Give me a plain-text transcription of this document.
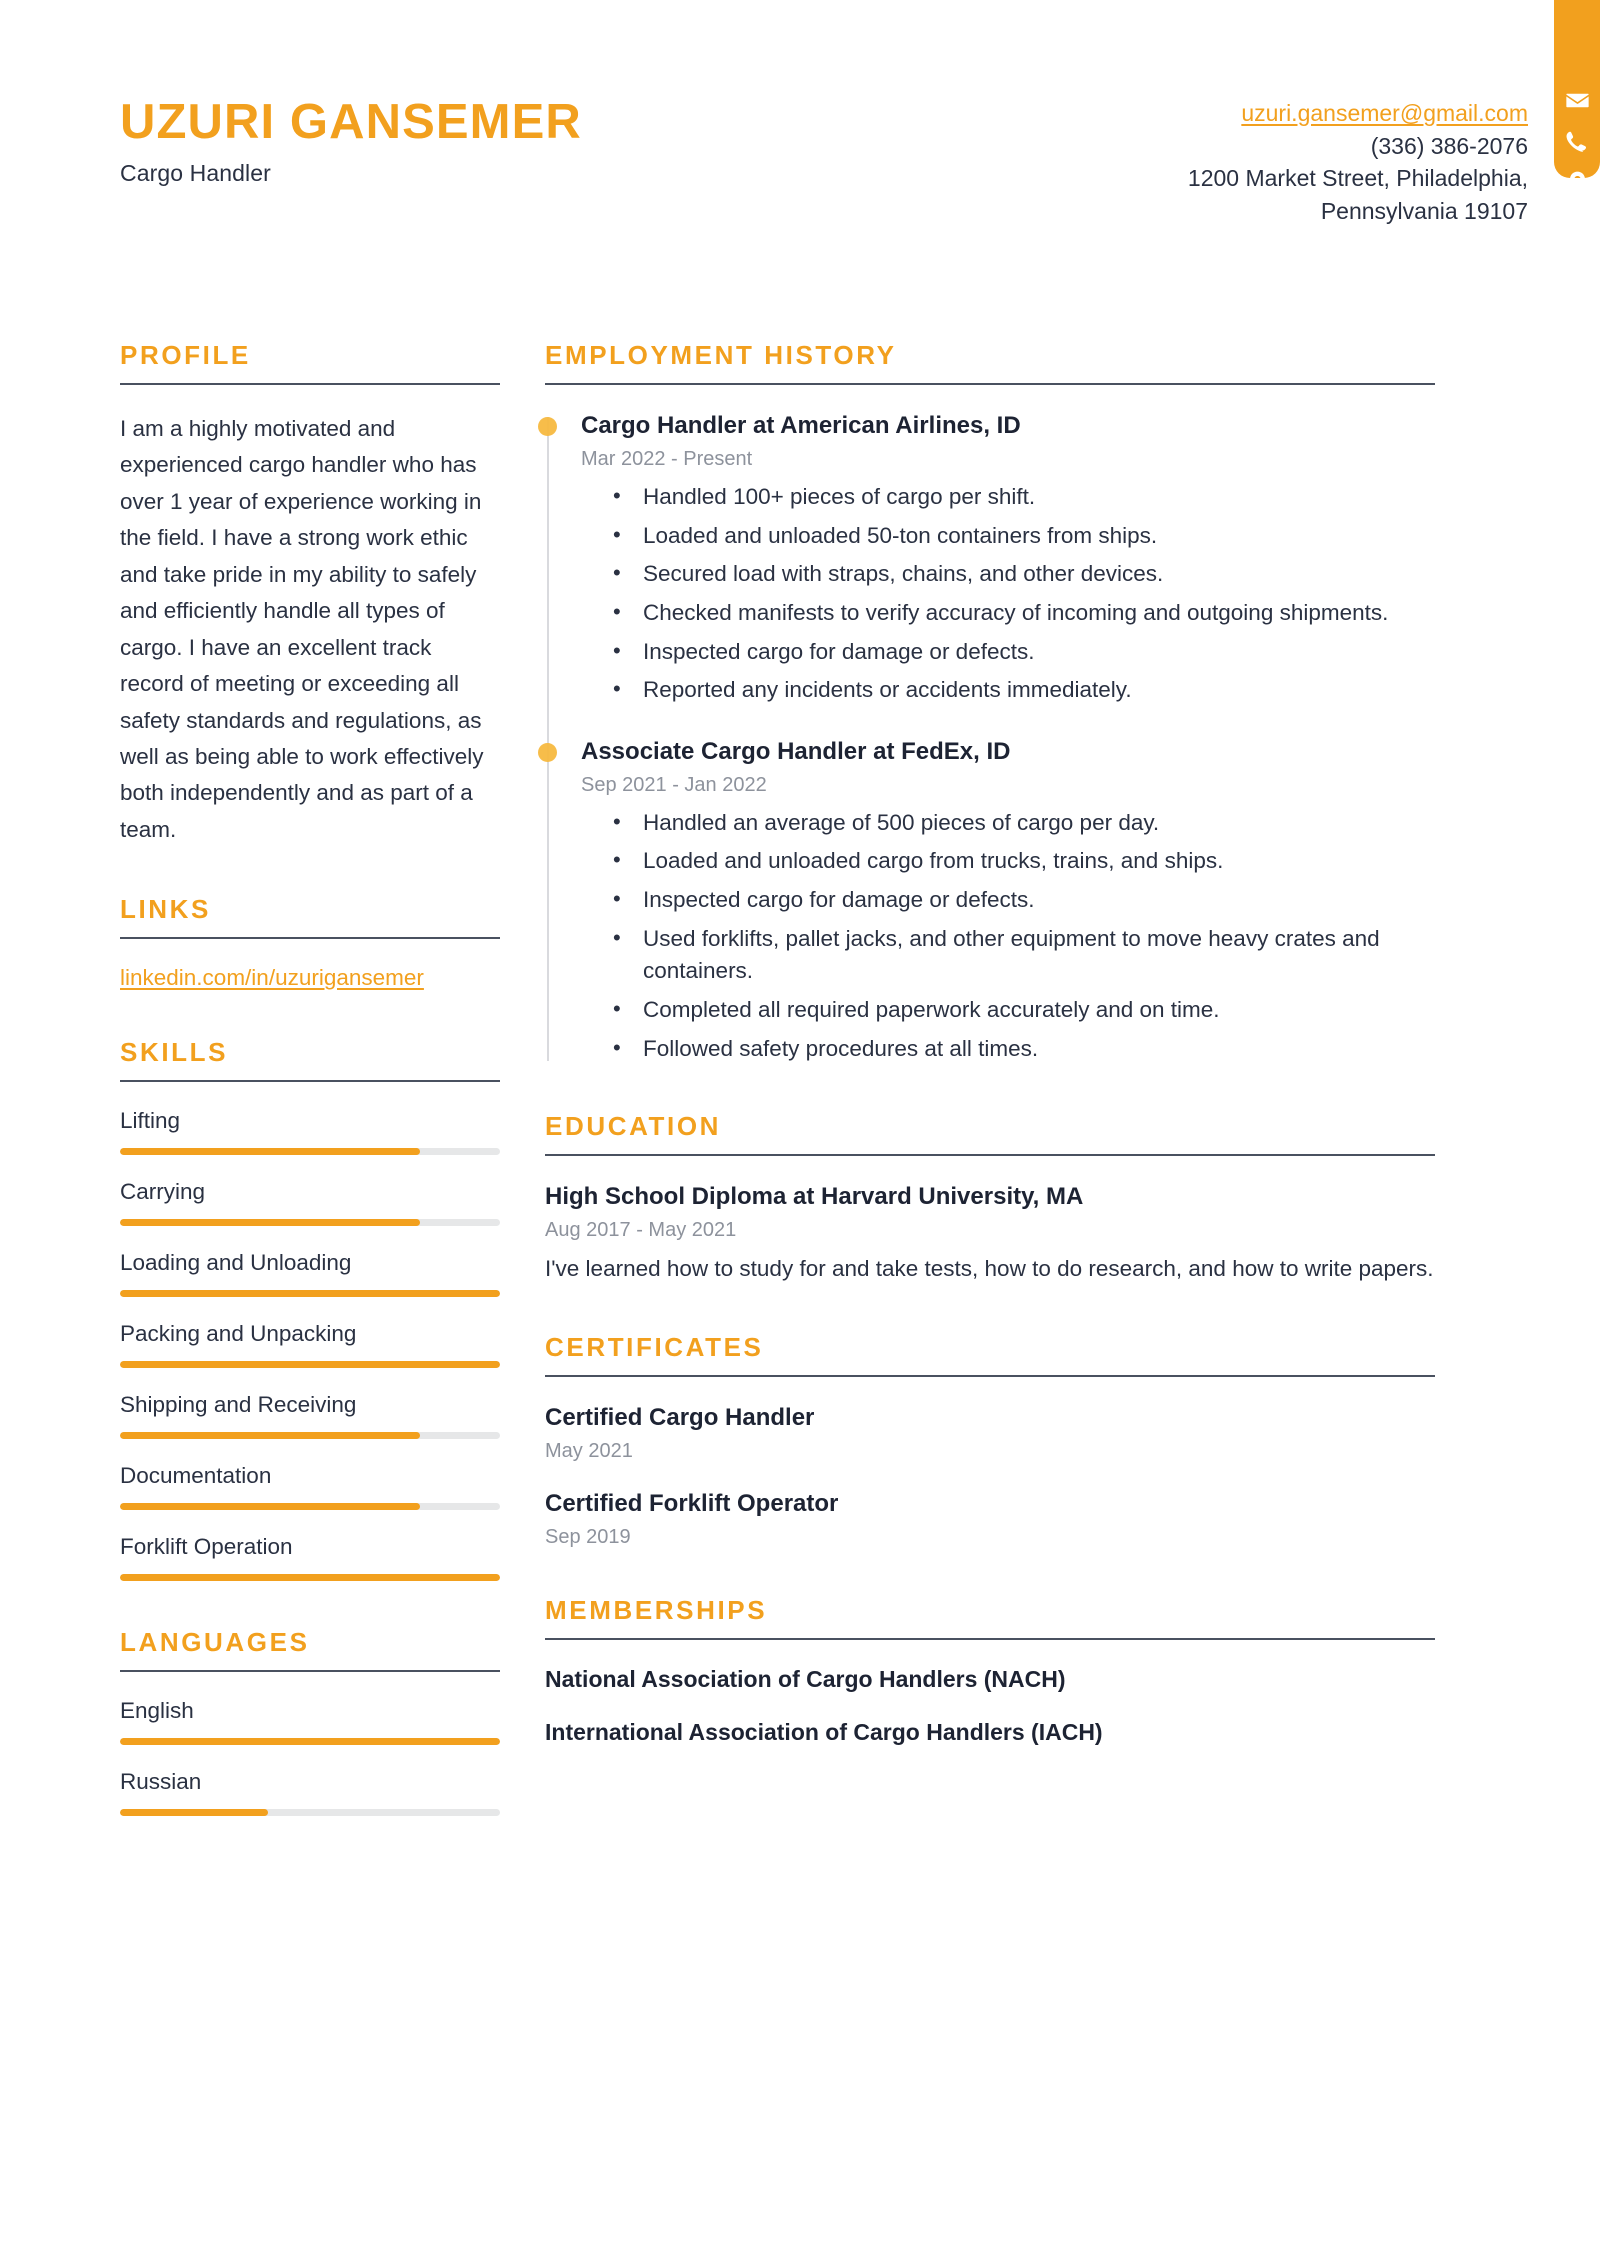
UZURI GANSEMER
Cargo Handler
uzuri.gansemer@gmail.com
(336) 386-2076
1200 Market Street, Philadelphia,
Pennsylvania 19107
PROFILE
I am a highly motivated and experienced cargo handler who has over 1 year of experience working in the field. I have a strong work ethic and take pride in my ability to safely and efficiently handle all types of cargo. I have an excellent track record of meeting or exceeding all safety standards and regulations, as well as being able to work effectively both independently and as part of a team.
LINKS
linkedin.com/in/uzurigansemer
SKILLS
Lifting
Carrying
Loading and Unloading
Packing and Unpacking
Shipping and Receiving
Documentation
Forklift Operation
LANGUAGES
English
Russian
EMPLOYMENT HISTORY
Cargo Handler at American Airlines, ID
Mar 2022 - Present
• Handled 100+ pieces of cargo per shift.
• Loaded and unloaded 50-ton containers from ships.
• Secured load with straps, chains, and other devices.
• Checked manifests to verify accuracy of incoming and outgoing shipments.
• Inspected cargo for damage or defects.
• Reported any incidents or accidents immediately.
Associate Cargo Handler at FedEx, ID
Sep 2021 - Jan 2022
• Handled an average of 500 pieces of cargo per day.
• Loaded and unloaded cargo from trucks, trains, and ships.
• Inspected cargo for damage or defects.
• Used forklifts, pallet jacks, and other equipment to move heavy crates and containers.
• Completed all required paperwork accurately and on time.
• Followed safety procedures at all times.
EDUCATION
High School Diploma at Harvard University, MA
Aug 2017 - May 2021
I've learned how to study for and take tests, how to do research, and how to write papers.
CERTIFICATES
Certified Cargo Handler
May 2021
Certified Forklift Operator
Sep 2019
MEMBERSHIPS
National Association of Cargo Handlers (NACH)
International Association of Cargo Handlers (IACH)
